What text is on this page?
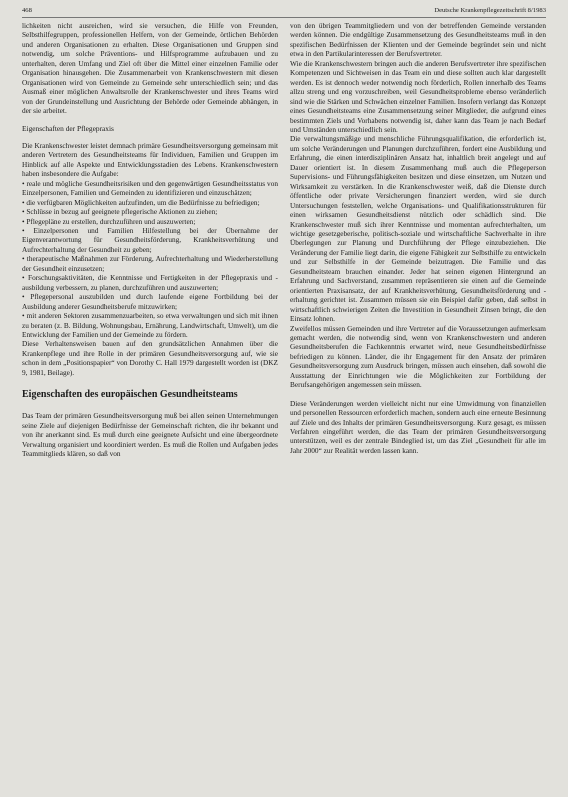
468	Deutsche Krankenpflegezeitschrift 8/1983

lichkeiten nicht ausreichen, wird sie versuchen, die Hilfe von Freunden, Selbsthilfegruppen, professionellen Helfern, von der Gemeinde, örtlichen Behörden und anderen Organisationen zu erhalten. Diese Organisationen und Gruppen sind notwendig, um solche Präventions- und Hilfsprogramme aufzubauen und zu unterhalten, deren Umfang und Ziel oft über die Mittel einer einzelnen Familie oder Organisation hinausgehen. Die Zusammenarbeit von Krankenschwestern mit diesen Organisationen wird von Gemeinde zu Gemeinde sehr unterschiedlich sein; und das Ausmaß einer möglichen Anwaltsrolle der Krankenschwester und ihres Teams wird von der Grundeinstellung und Ausrichtung der Behörde oder Gemeinde abhängen, in der sie arbeitet.

Eigenschaften der Pflegepraxis

Die Krankenschwester leistet demnach primäre Gesundheitsversorgung gemeinsam mit anderen Vertretern des Gesundheitsteams für Individuen, Familien und Gruppen im Hinblick auf alle Aspekte und Entwicklungsstadien des Lebens. Krankenschwestern haben insbesondere die Aufgabe:

• reale und mögliche Gesundheitsrisiken und den gegenwärtigen Gesundheitsstatus von Einzelpersonen, Familien und Gemeinden zu identifizieren und einzuschätzen;

• die verfügbaren Möglichkeiten aufzufinden, um die Bedürfnisse zu befriedigen;

• Schlüsse in bezug auf geeignete pflegerische Aktionen zu ziehen;

• Pflegepläne zu erstellen, durchzuführen und auszuwerten;

• Einzelpersonen und Familien Hilfestellung bei der Übernahme der Eigenverantwortung für Gesundheitsförderung, Krankheitsverhütung und Aufrechterhaltung der Gesundheit zu geben;

• therapeutische Maßnahmen zur Förderung, Aufrechterhaltung und Wiederherstellung der Gesundheit einzusetzen;

• Forschungsaktivitäten, die Kenntnisse und Fertigkeiten in der Pflegepraxis und -ausbildung verbessern, zu planen, durchzuführen und auszuwerten;

• Pflegepersonal auszubilden und durch laufende eigene Fortbildung bei der Ausbildung anderer Gesundheitsberufe mitzuwirken;

• mit anderen Sektoren zusammenzuarbeiten, so etwa verwaltungen und sich mit ihnen zu beraten (z. B. Bildung, Wohnungsbau, Ernährung, Landwirtschaft, Umwelt), um die Entwicklung der Familien und der Gemeinde zu fördern.

Diese Verhaltensweisen bauen auf den grundsätzlichen Annahmen über die Krankenpflege und ihre Rolle in der primären Gesundheitsversorgung auf, wie sie schon in dem „Positionspapier“ von Dorothy C. Hall 1979 dargestellt worden ist (DKZ 9, 1981, Beilage).

Eigenschaften des europäischen Gesundheitsteams

Das Team der primären Gesundheitsversorgung muß bei allen seinen Unternehmungen seine Ziele auf diejenigen Bedürfnisse der Gemeinschaft richten, die ihr bekannt und von ihr anerkannt sind. Es muß durch eine geeignete Aufsicht und eine übergeordnete Verwaltung organisiert und koordiniert werden. Es muß die Rollen und Aufgaben jedes Teammitglieds klären, so daß von

von den übrigen Teammitgliedern und von der betreffenden Gemeinde verstanden werden können. Die endgültige Zusammensetzung des Gesundheitsteams muß in den spezifischen Bedürfnissen der Klienten und der Gemeinde begründet sein und nicht etwa in den Partikularinteressen der Berufsvertreter.

Wie die Krankenschwestern bringen auch die anderen Berufsvertreter ihre spezifischen Kompetenzen und Sichtweisen in das Team ein und diese sollten auch klar dargestellt werden. Es ist dennoch weder notwendig noch förderlich, Rollen innerhalb des Teams allzu streng und eng vorzuschreiben, weil Gesundheitsprobleme ebenso veränderlich sind wie die Stärken und Schwächen einzelner Familien. Insofern verlangt das Konzept eines Gesundheitsteams eine Zusammensetzung seiner Mitglieder, die aufgrund eines bestimmten Ziels und Vorhabens notwendig ist, daher kann das Team je nach Bedarf und Umständen unterschiedlich sein.

Die verwaltungsmäßige und menschliche Führungsqualifikation, die erforderlich ist, um solche Veränderungen und Planungen durchzuführen, fordert eine Ausbildung und Erfahrung, die einen interdisziplinären Ansatz hat, inhaltlich breit angelegt und auf Dauer orientiert ist. In diesem Zusammenhang muß auch die Pflegeperson Supervisions- und Führungsfähigkeiten besitzen und diese einsetzen, um Nutzen und Wirksamkeit zu verstärken. In die Krankenschwester weiß, daß die Dienste durch öffentliche oder private Versicherungen finanziert werden, wird sie durch Untersuchungen feststellen, welche Organisations- und Qualifikationsstrukturen für einen wirksamen Gesundheitsdienst nützlich oder schädlich sind. Die Krankenschwester muß sich ihrer Kenntnisse und momentan aufrechterhalten, um wichtige gesetzgeberische, politisch-soziale und wirtschaftliche Sachverhalte in ihre Überlegungen zur Planung und Durchführung der Pflege einzubeziehen. Die Veränderung der Familie liegt darin, die eigene Fähigkeit zur Selbsthilfe zu entwickeln und zur Selbsthilfe in der Gemeinde beizutragen. Die Familie und das Gesundheitsteam brauchen einander. Jeder hat seinen eigenen Hintergrund an Erfahrung und Sachverstand, zusammen repräsentieren sie einen auf die Gemeinde orientierten Praxisansatz, der auf Krankheitsverhütung, Gesundheitsförderung und -erhaltung gerichtet ist. Zusammen müssen sie ein Beispiel dafür geben, daß selbst in wirtschaftlich schwierigen Zeiten die Investition in Gesundheit Zinsen bringt, die den Einsatz lohnen.

Zweifellos müssen Gemeinden und ihre Vertreter auf die Voraussetzungen aufmerksam gemacht werden, die notwendig sind, wenn von Krankenschwestern und anderen Gesundheitsberufen die Fachkenntnis erwartet wird, neue Gesundheitsbedürfnisse befriedigen zu können. Länder, die ihr Engagement für den Ansatz der primären Gesundheitsversorgung zum Ausdruck bringen, müssen auch einsehen, daß sowohl die Ausstattung der Einrichtungen wie die Möglichkeiten zur Fortbildung der Berufsangehörigen angemessen sein müssen.

Diese Veränderungen werden vielleicht nicht nur eine Umwidmung von finanziellen und personellen Ressourcen erforderlich machen, sondern auch eine erneute Besinnung auf Ziele und des Inhalts der primären Gesundheitsversorgung. Kurz gesagt, es müssen Verfahren eingeführt werden, die das Team der primären Gesundheitsversorgung unterstützen, weil es der zentrale Bindeglied ist, um das Ziel „Gesundheit für alle im Jahr 2000“ zur Realität werden lassen kann.
